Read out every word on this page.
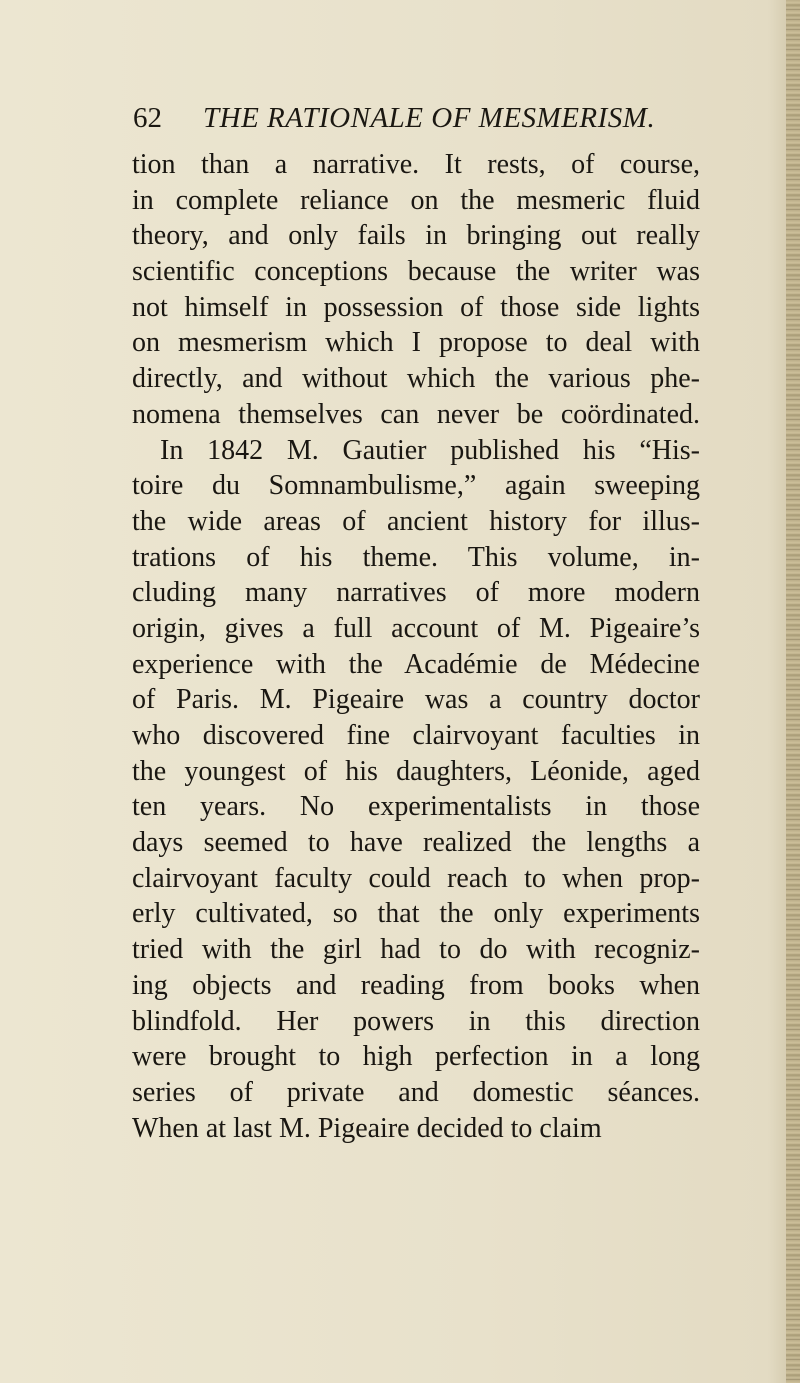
62 THE RATIONALE OF MESMERISM.
tion than a narrative. It rests, of course,
in complete reliance on the mesmeric fluid
theory, and only fails in bringing out really
scientific conceptions because the writer was
not himself in possession of those side lights
on mesmerism which I propose to deal with
directly, and without which the various phe-
nomena themselves can never be coördinated.
In 1842 M. Gautier published his “His-
toire du Somnambulisme,” again sweeping
the wide areas of ancient history for illus-
trations of his theme. This volume, in-
cluding many narratives of more modern
origin, gives a full account of M. Pigeaire’s
experience with the Académie de Médecine
of Paris. M. Pigeaire was a country doctor
who discovered fine clairvoyant faculties in
the youngest of his daughters, Léonide, aged
ten years. No experimentalists in those
days seemed to have realized the lengths a
clairvoyant faculty could reach to when prop-
erly cultivated, so that the only experiments
tried with the girl had to do with recogniz-
ing objects and reading from books when
blindfold. Her powers in this direction
were brought to high perfection in a long
series of private and domestic séances.
When at last M. Pigeaire decided to claim
